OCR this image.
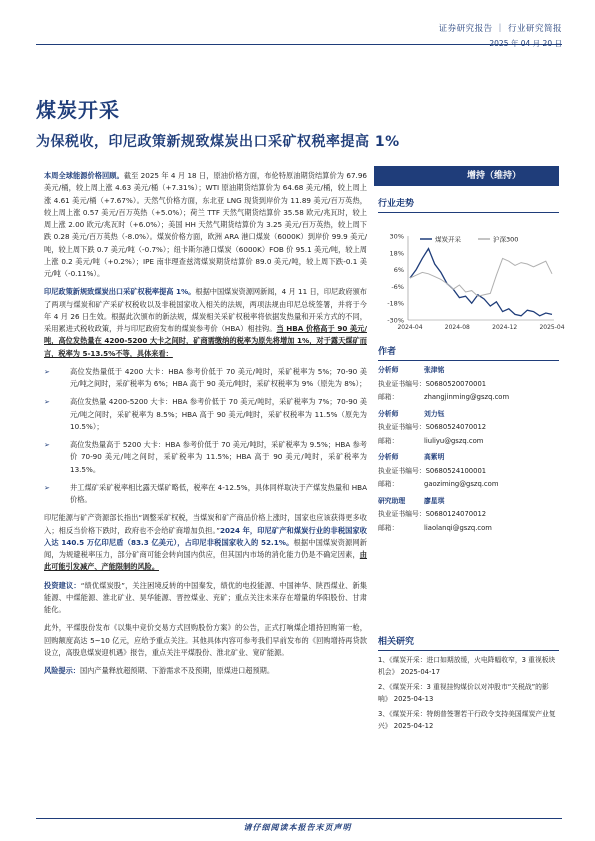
证券研究报告 ｜ 行业研究简报
2025 年 04 月 20 日
煤炭开采
为保税收，印尼政策新规致煤炭出口采矿权税率提高 1%

本周全球能源价格回顾。截至 2025 年 4 月 18 日，原油价格方面，布伦特原油期货结算价为 67.96 美元/桶，较上周上涨 4.63 美元/桶（+7.31%）；WTI 原油期货结算价为 64.68 美元/桶，较上周上涨 4.61 美元/桶（+7.67%）。天然气价格方面，东北亚 LNG 现货到岸价为 11.89 美元/百万英热，较上周上涨 0.57 美元/百万英热（+5.0%）；荷兰 TTF 天然气期货结算价 35.58 欧元/兆瓦时，较上周上涨 2.00 欧元/兆瓦时（+6.0%）；美国 HH 天然气期货结算价为 3.25 美元/百万英热，较上周下跌 0.28 美元/百万英热（-8.0%）。煤炭价格方面，欧洲 ARA 港口煤炭（6000K）到岸价 99.9 美元/吨，较上周下跌 0.7 美元/吨（-0.7%）；纽卡斯尔港口煤炭（6000K）FOB 价 95.1 美元/吨，较上周上涨 0.2 美元/吨（+0.2%）；IPE 南非理查兹湾煤炭期货结算价 89.0 美元/吨，较上周下跌-0.1 美元/吨（-0.11%）。

印尼政策新规致煤炭出口采矿权税率提高 1%。根据中国煤炭资源网新闻，4 月 11 日，印尼政府颁布了两项与煤炭和矿产采矿权税收以及非税国家收入相关的法规，两项法规由印尼总统签署，并将于今年 4 月 26 日生效。根据此次颁布的新法规，煤炭相关采矿权税率将依据发热量和开采方式的不同，采用累进式税收政策，并与印尼政府发布的煤炭参考价（HBA）相挂钩。当 HBA 价格高于 90 美元/吨，高位发热量在 4200-5200 大卡之间时，矿商需缴纳的税率为原先将增加 1%，对于露天煤矿而言，税率为 5-13.5%不等，具体来看：

➢	高位发热量低于 4200 大卡：HBA 参考价低于 70 美元/吨时，采矿税率为 5%；70-90 美元/吨之间时，采矿税率为 6%；HBA 高于 90 美元/吨时，采矿权税率为 9%（原先为 8%）；
➢	高位发热量 4200-5200 大卡：HBA 参考价低于 70 美元/吨时，采矿税率为 7%；70-90 美元/吨之间时，采矿税率为 8.5%；HBA 高于 90 美元/吨时，采矿权税率为 11.5%（原先为 10.5%）；
➢	高位发热量高于 5200 大卡：HBA 参考价低于 70 美元/吨时，采矿税率为 9.5%；HBA 参考价 70-90 美元/吨之间时，采矿税率为 11.5%；HBA 高于 90 美元/吨时，采矿税率为 13.5%。
➢	井工煤矿采矿税率相比露天煤矿略低，税率在 4-12.5%，具体同样取决于产煤发热量和 HBA 价格。

印尼能源与矿产资源部长指出“调整采矿权税，当煤炭和矿产商品价格上涨时，国家也应该获得更多收入；相反当价格下跌时，政府也不会给矿商增加负担。”2024 年，印尼矿产和煤炭行业的非税国家收入达 140.5 万亿印尼盾（83.3 亿美元），占印尼非税国家收入的 52.1%。根据中国煤炭资源网新闻，为规避税率压力，部分矿商可能会转向国内供应，但其国内市场的消化能力仍是不确定因素，由此可能引发减产、产能限制的风险。

投资建议：“绩优煤炭股”，关注困境反转的中国秦发，绩优的电投能源、中国神华、陕西煤业、新集能源、中煤能源、淮北矿业、昊华能源、晋控煤业、兖矿；重点关注未来存在增量的华阳股份、甘肃能化。

此外，平煤股份发布《以集中竞价交易方式回购股份方案》的公告，正式打响煤企增持回购第一枪，回购额度高达 5~10 亿元，应给予重点关注。其他具体内容可参考我们早前发布的《回购增持再贷款设立，高股息煤炭迎机遇》报告，重点关注平煤股份、淮北矿业、宽矿能源。

风险提示：国内产量释放超预期、下游需求不及预期，原煤进口超预期。

增持（维持）
行业走势
30%
18%
6%
-6%
-18%
-30%
2024-04	2024-08	2024-12	2025-04
煤炭开采	沪深300
作者
分析师	张津铭
执业证书编号：S0680520070001
邮箱：	zhangjinming@gszq.com
分析师	刘力钰
执业证书编号：S0680524070012
邮箱：	liuliyu@gszq.com
分析师	高紫明
执业证书编号：S0680524100001
邮箱：	gaoziming@gszq.com
研究助理	廖星琪
执业证书编号：S0680124070012
邮箱：	liaolanqi@gszq.com
相关研究
1、《煤炭开采：进口如期放缓，火电降幅收窄，3 重视板块机会》 2025-04-17
2、《煤炭开采：3 重视挂钩煤价以对冲股市“关税战”的影响》 2025-04-13
3、《煤炭开采：特朗普签署若干行政令支持美国煤炭产业复兴》 2025-04-12
请仔细阅读本报告末页声明
